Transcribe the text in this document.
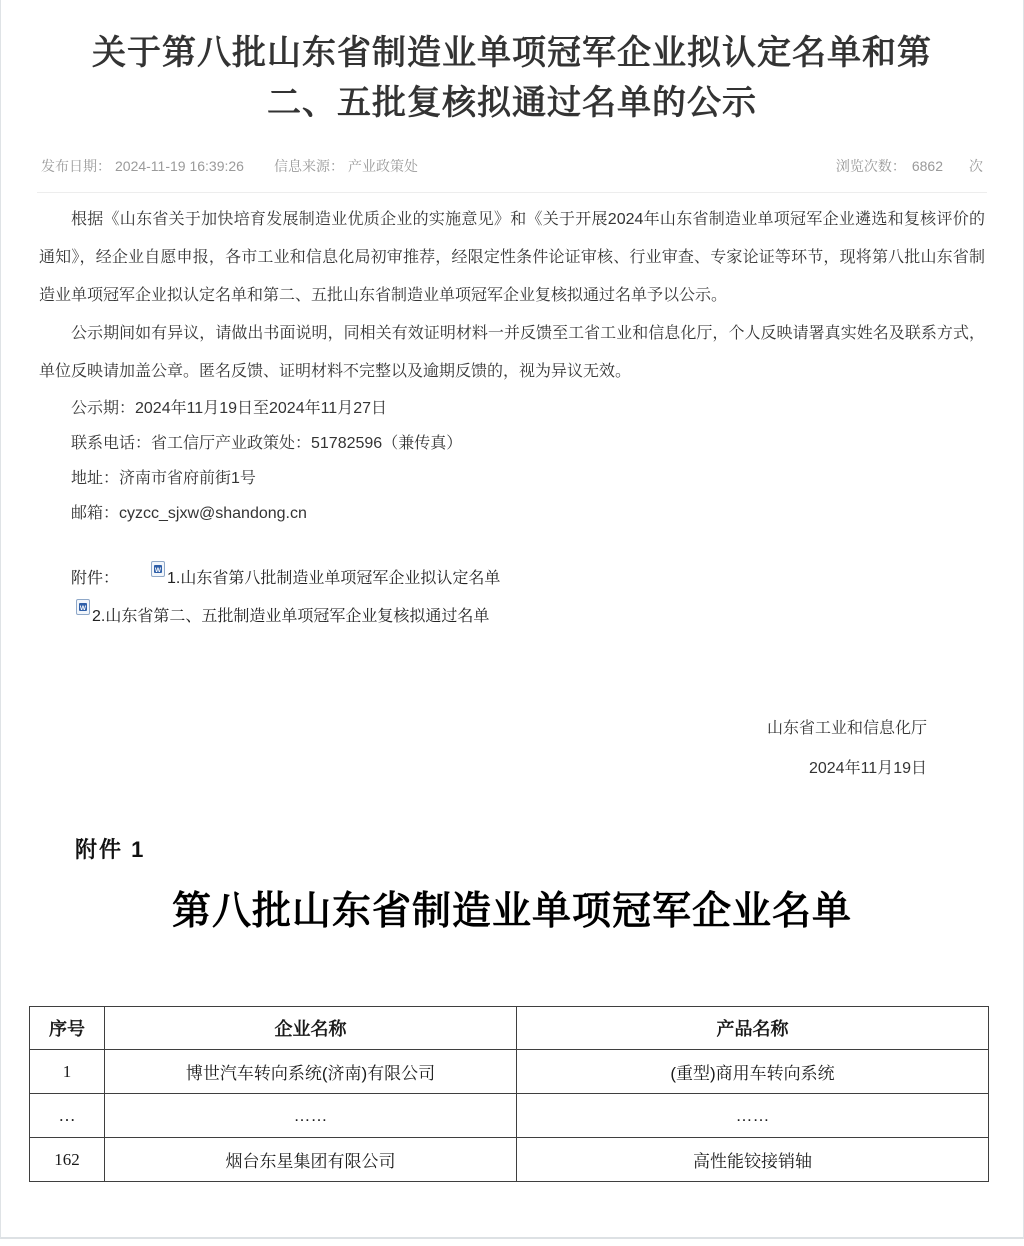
关于第八批山东省制造业单项冠军企业拟认定名单和第
二、五批复核拟通过名单的公示
发布日期： 2024-11-19 16:39:26 信息来源： 产业政策处	浏览次数： 6862 次

根据《山东省关于加快培育发展制造业优质企业的实施意见》和《关于开展2024年山东省制造业单项冠军企业遴选和复核评价的通知》，经企业自愿申报，各市工业和信息化局初审推荐，经限定性条件论证审核、行业审查、专家论证等环节，现将第八批山东省制造业单项冠军企业拟认定名单和第二、五批山东省制造业单项冠军企业复核拟通过名单予以公示。

公示期间如有异议，请做出书面说明，同相关有效证明材料一并反馈至工省工业和信息化厅，个人反映请署真实姓名及联系方式，单位反映请加盖公章。匿名反馈、证明材料不完整以及逾期反馈的，视为异议无效。

公示期：2024年11月19日至2024年11月27日

联系电话：省工信厅产业政策处：51782596（兼传真）

地址：济南市省府前街1号

邮箱：cyzcc_sjxw@shandong.cn

附件：	W 1.山东省第八批制造业单项冠军企业拟认定名单
W 2.山东省第二、五批制造业单项冠军企业复核拟通过名单
山东省工业和信息化厅
2024年11月19日
附件 1
第八批山东省制造业单项冠军企业名单
序号	企业名称	产品名称
1	博世汽车转向系统(济南)有限公司	(重型)商用车转向系统
…	……	……
162	烟台东星集团有限公司	高性能铰接销轴
